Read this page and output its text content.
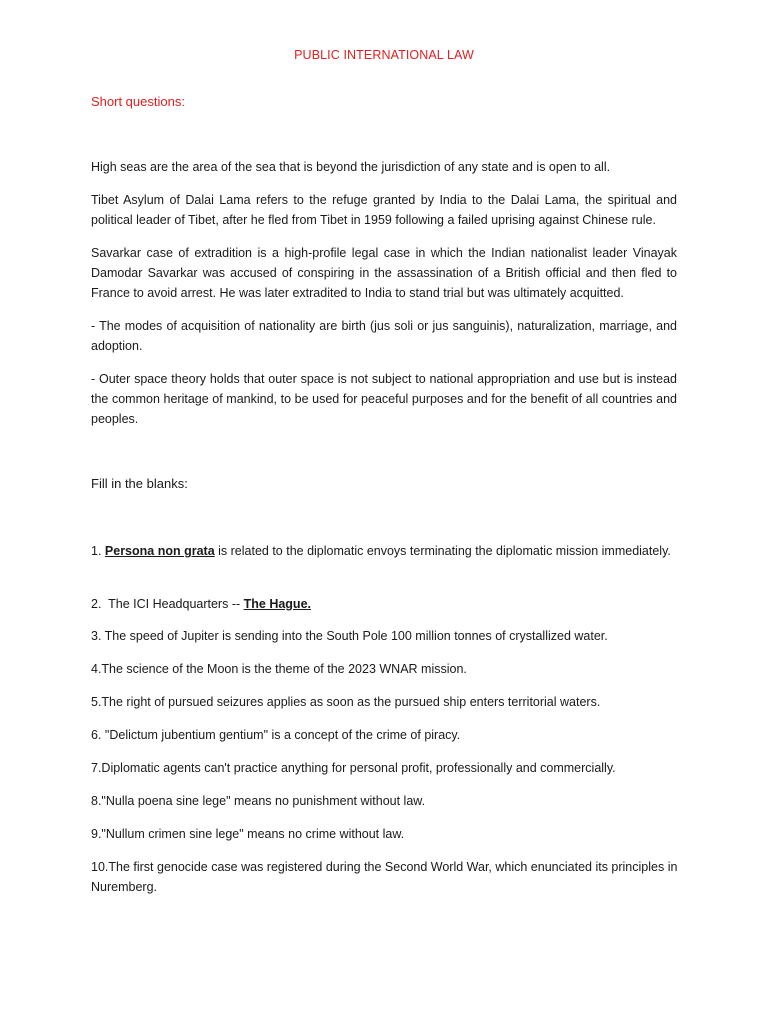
PUBLIC INTERNATIONAL LAW
Short questions:
High seas are the area of the sea that is beyond the jurisdiction of any state and is open to all.
Tibet Asylum of Dalai Lama refers to the refuge granted by India to the Dalai Lama, the spiritual and political leader of Tibet, after he fled from Tibet in 1959 following a failed uprising against Chinese rule.
Savarkar case of extradition is a high-profile legal case in which the Indian nationalist leader Vinayak Damodar Savarkar was accused of conspiring in the assassination of a British official and then fled to France to avoid arrest. He was later extradited to India to stand trial but was ultimately acquitted.
- The modes of acquisition of nationality are birth (jus soli or jus sanguinis), naturalization, marriage, and adoption.
- Outer space theory holds that outer space is not subject to national appropriation and use but is instead the common heritage of mankind, to be used for peaceful purposes and for the benefit of all countries and peoples.
Fill in the blanks:
1. Persona non grata is related to the diplomatic envoys terminating the diplomatic mission immediately.
2.  The ICI Headquarters -- The Hague.
3. The speed of Jupiter is sending into the South Pole 100 million tonnes of crystallized water.
4.The science of the Moon is the theme of the 2023 WNAR mission.
5.The right of pursued seizures applies as soon as the pursued ship enters territorial waters.
6. "Delictum jubentium gentium" is a concept of the crime of piracy.
7.Diplomatic agents can't practice anything for personal profit, professionally and commercially.
8."Nulla poena sine lege" means no punishment without law.
9."Nullum crimen sine lege" means no crime without law.
10.The first genocide case was registered during the Second World War, which enunciated its principles in Nuremberg.
